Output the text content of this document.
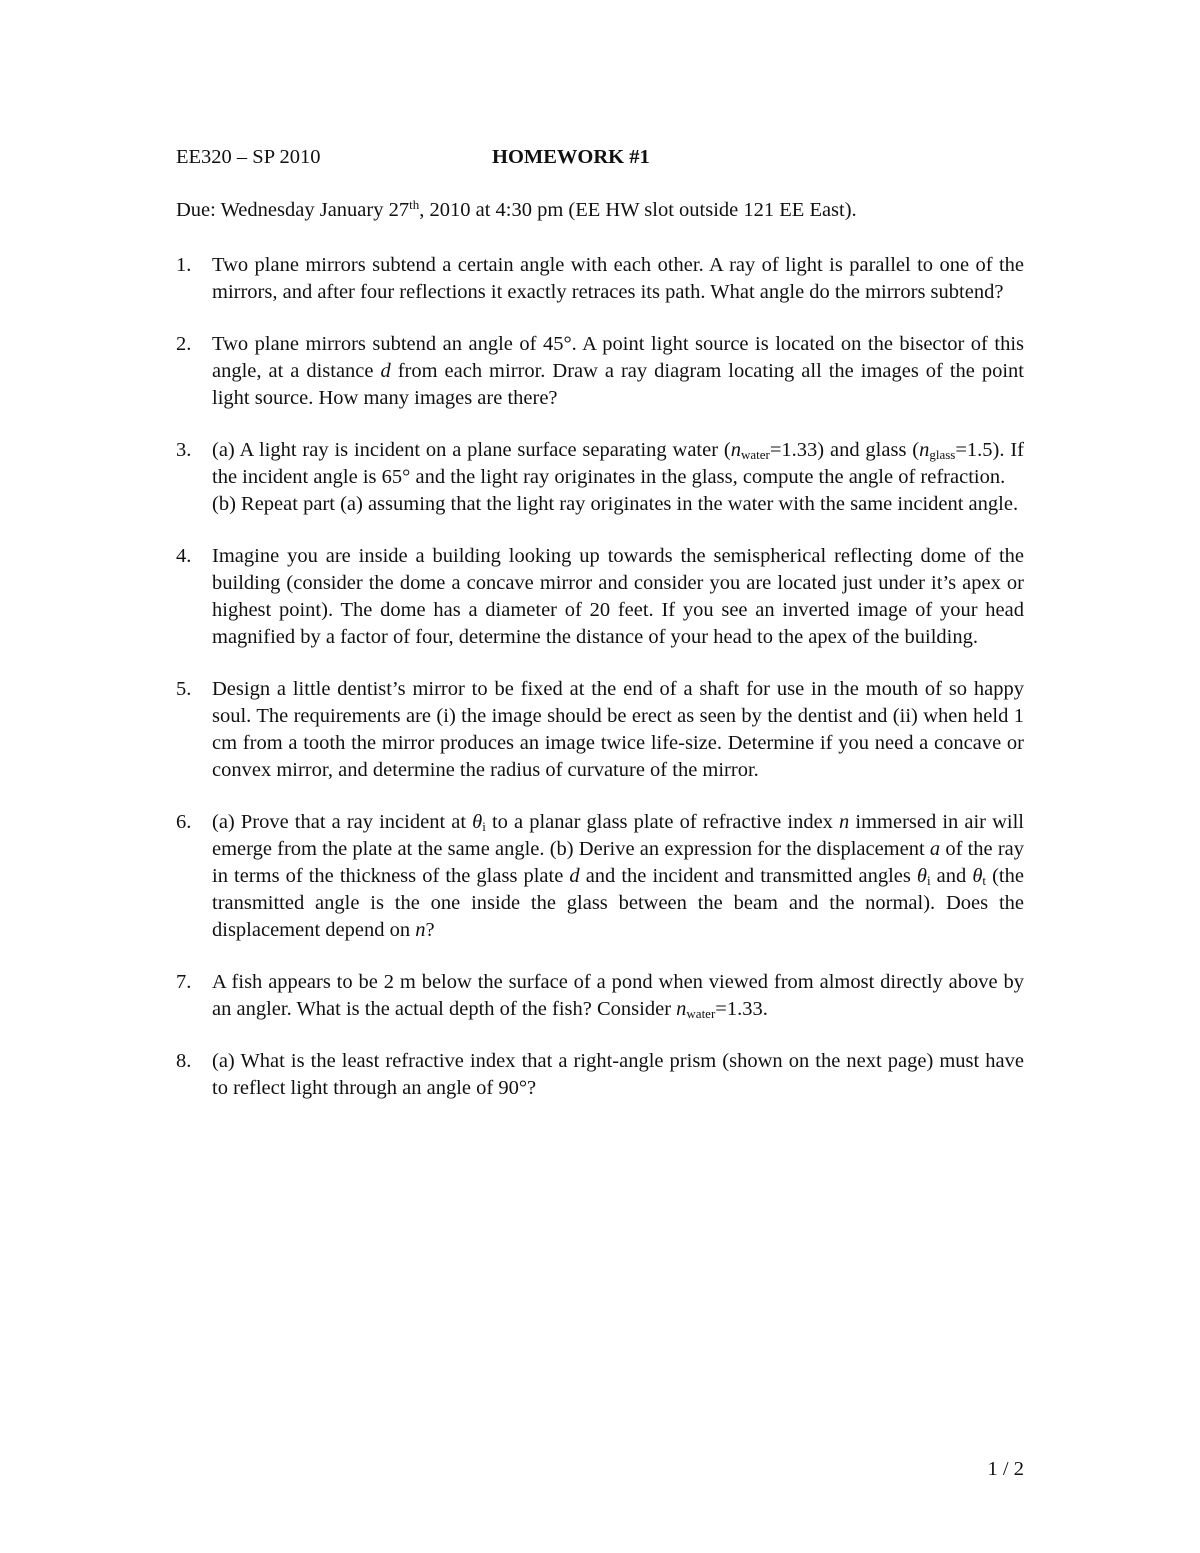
EE320 – SP 2010	HOMEWORK #1
Due: Wednesday January 27th, 2010 at 4:30 pm (EE HW slot outside 121 EE East).
1. Two plane mirrors subtend a certain angle with each other. A ray of light is parallel to one of the mirrors, and after four reflections it exactly retraces its path. What angle do the mirrors subtend?
2. Two plane mirrors subtend an angle of 45°. A point light source is located on the bisector of this angle, at a distance d from each mirror. Draw a ray diagram locating all the images of the point light source. How many images are there?
3. (a) A light ray is incident on a plane surface separating water $(n_{water}=1.33)$ and glass $(n_{glass}=1.5)$. If the incident angle is 65° and the light ray originates in the glass, compute the angle of refraction.
(b) Repeat part (a) assuming that the light ray originates in the water with the same incident angle.
4. Imagine you are inside a building looking up towards the semispherical reflecting dome of the building (consider the dome a concave mirror and consider you are located just under it’s apex or highest point). The dome has a diameter of 20 feet. If you see an inverted image of your head magnified by a factor of four, determine the distance of your head to the apex of the building.
5. Design a little dentist’s mirror to be fixed at the end of a shaft for use in the mouth of so happy soul. The requirements are (i) the image should be erect as seen by the dentist and (ii) when held 1 cm from a tooth the mirror produces an image twice life-size. Determine if you need a concave or convex mirror, and determine the radius of curvature of the mirror.
6. (a) Prove that a ray incident at $\theta_i$ to a planar glass plate of refractive index n immersed in air will emerge from the plate at the same angle. (b) Derive an expression for the displacement a of the ray in terms of the thickness of the glass plate d and the incident and transmitted angles $\theta_i$ and $\theta_t$ (the transmitted angle is the one inside the glass between the beam and the normal). Does the displacement depend on n?
7. A fish appears to be 2 m below the surface of a pond when viewed from almost directly above by an angler. What is the actual depth of the fish? Consider $n_{water}=1.33$.
8. (a) What is the least refractive index that a right-angle prism (shown on the next page) must have to reflect light through an angle of 90°?
1 / 2
